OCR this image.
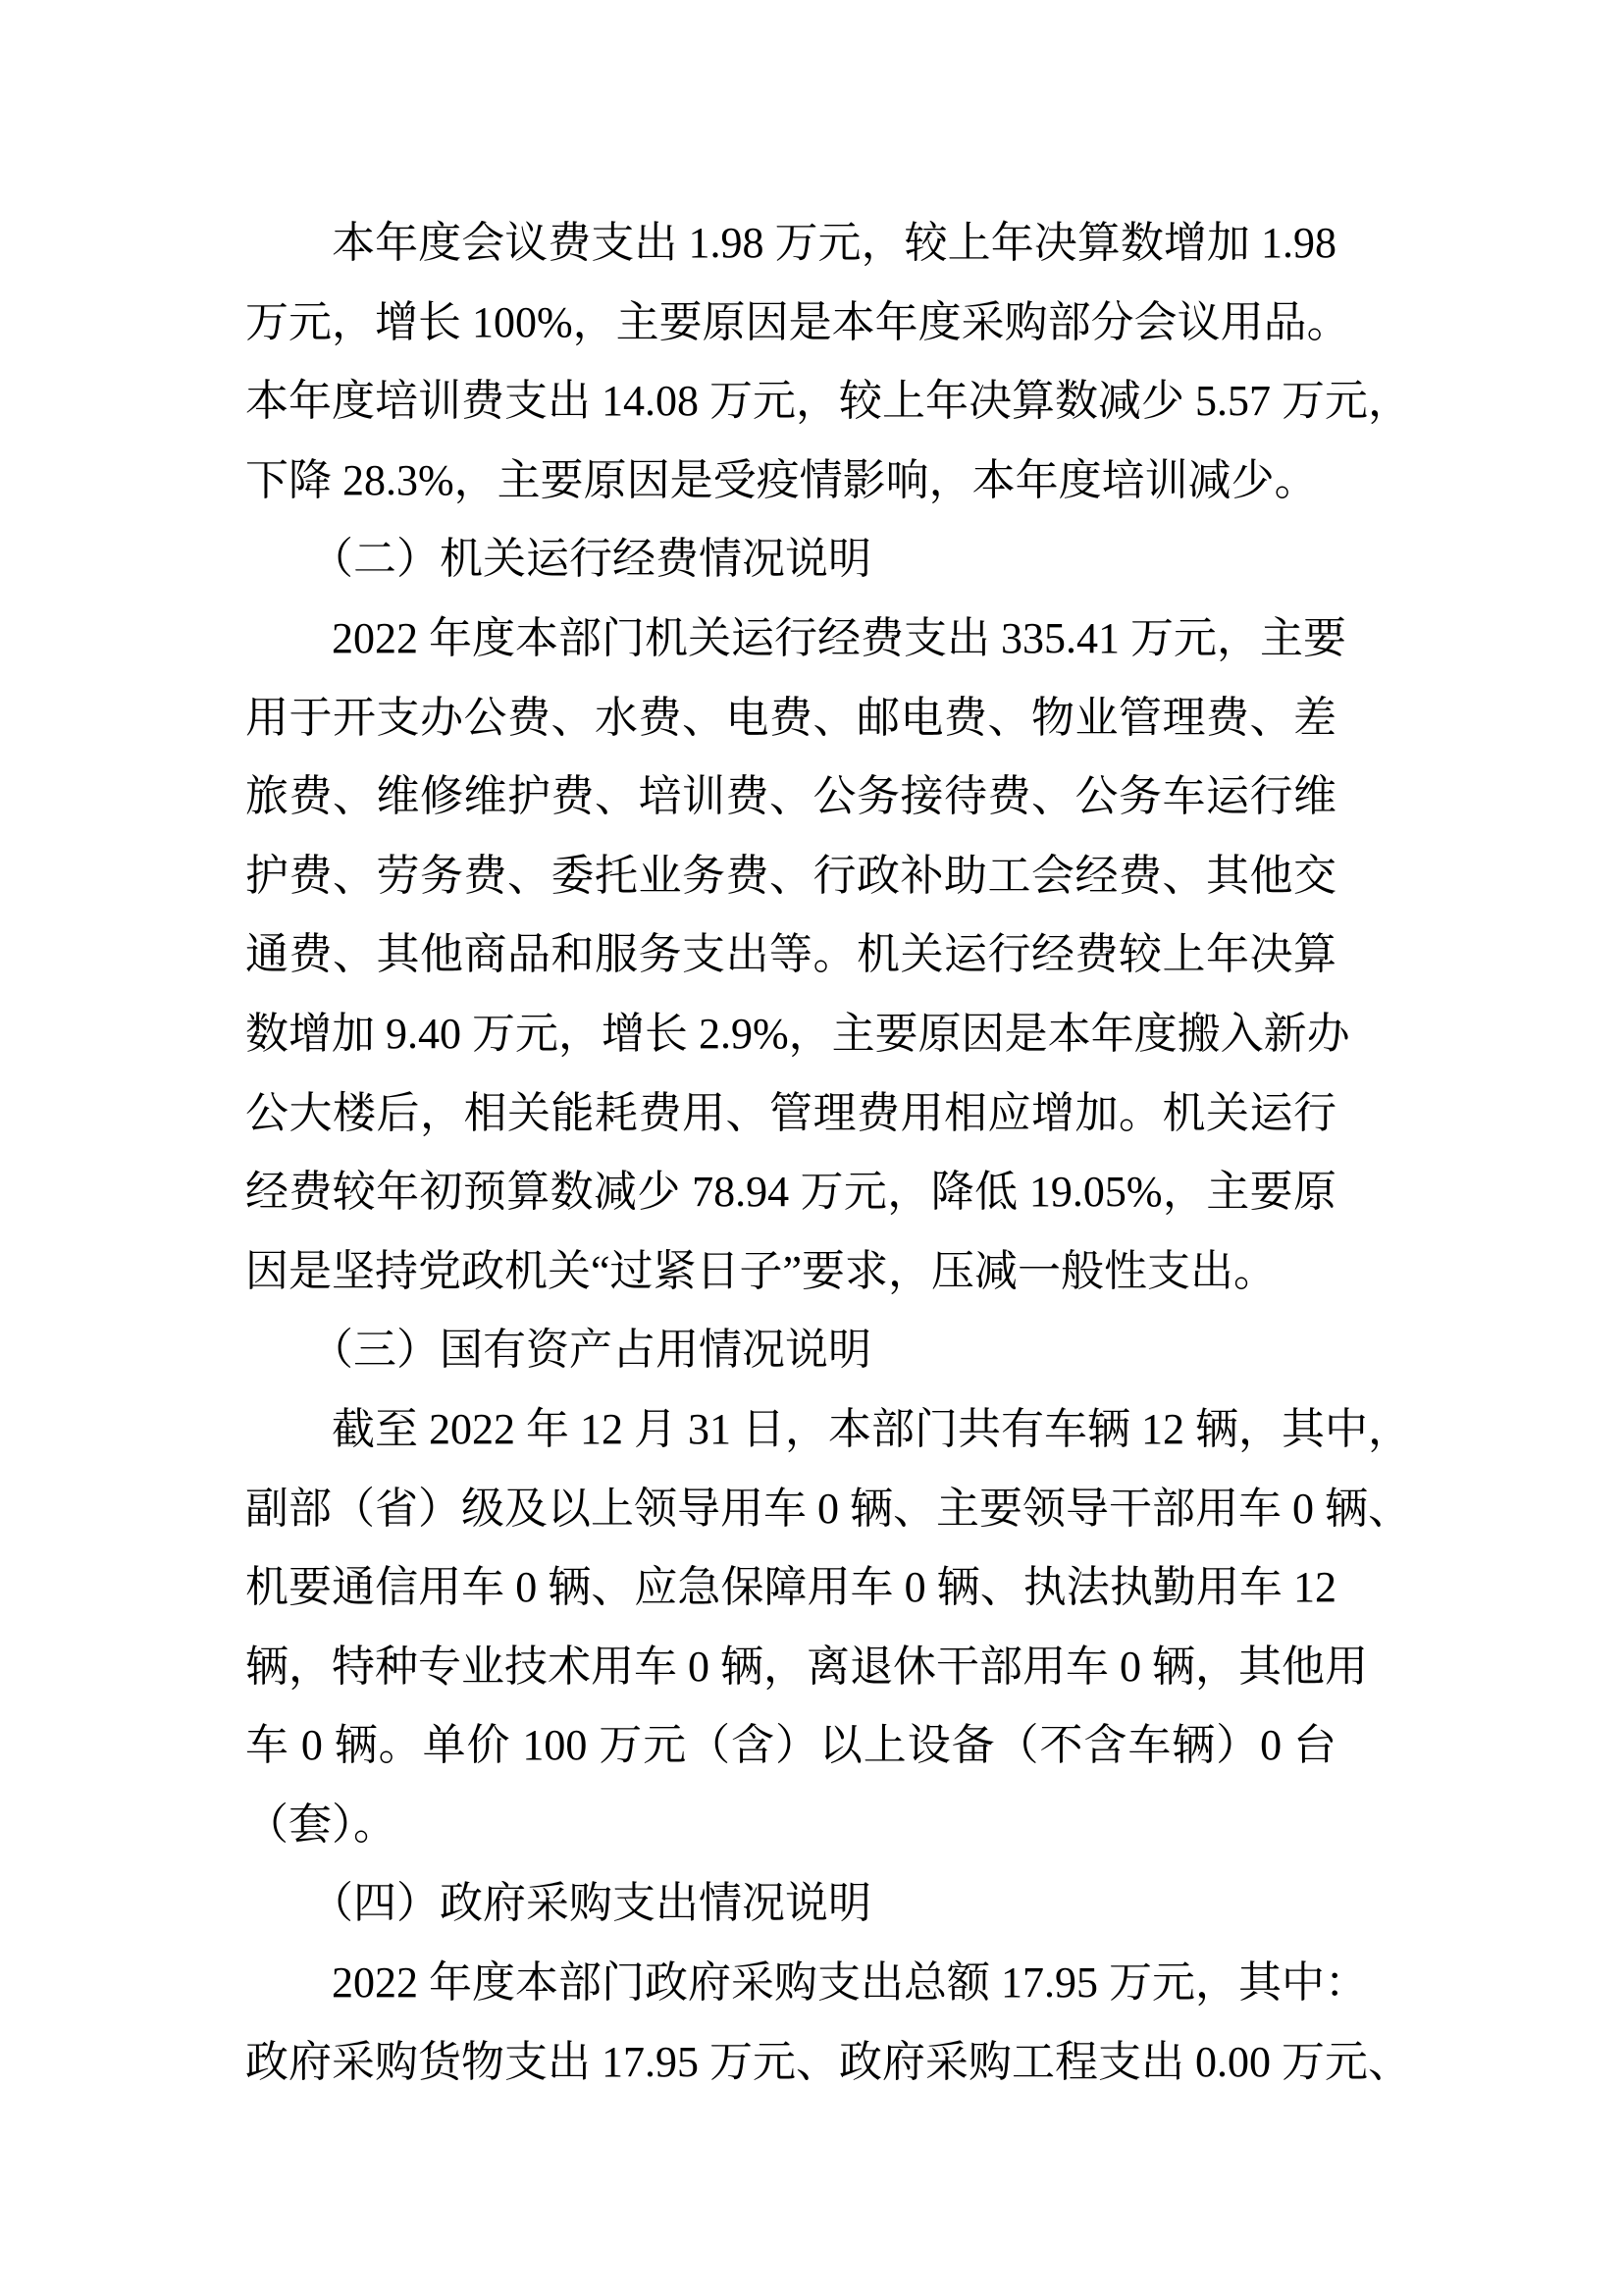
　　本年度会议费支出 1.98 万元，较上年决算数增加 1.98
万元，增长 100%，主要原因是本年度采购部分会议用品。
本年度培训费支出 14.08 万元，较上年决算数减少 5.57 万元，
下降 28.3%，主要原因是受疫情影响，本年度培训减少。
　　（二）机关运行经费情况说明
　　2022 年度本部门机关运行经费支出 335.41 万元，主要
用于开支办公费、水费、电费、邮电费、物业管理费、差
旅费、维修维护费、培训费、公务接待费、公务车运行维
护费、劳务费、委托业务费、行政补助工会经费、其他交
通费、其他商品和服务支出等。机关运行经费较上年决算
数增加 9.40 万元，增长 2.9%，主要原因是本年度搬入新办
公大楼后，相关能耗费用、管理费用相应增加。机关运行
经费较年初预算数减少 78.94 万元，降低 19.05%，主要原
因是坚持党政机关“过紧日子”要求，压减一般性支出。
　　（三）国有资产占用情况说明
　　截至 2022 年 12 月 31 日，本部门共有车辆 12 辆，其中，
副部（省）级及以上领导用车 0 辆、主要领导干部用车 0 辆、
机要通信用车 0 辆、应急保障用车 0 辆、执法执勤用车 12
辆，特种专业技术用车 0 辆，离退休干部用车 0 辆，其他用
车 0 辆。单价 100 万元（含）以上设备（不含车辆）0 台
（套）。
　　（四）政府采购支出情况说明
　　2022 年度本部门政府采购支出总额 17.95 万元，其中：
政府采购货物支出 17.95 万元、政府采购工程支出 0.00 万元、
